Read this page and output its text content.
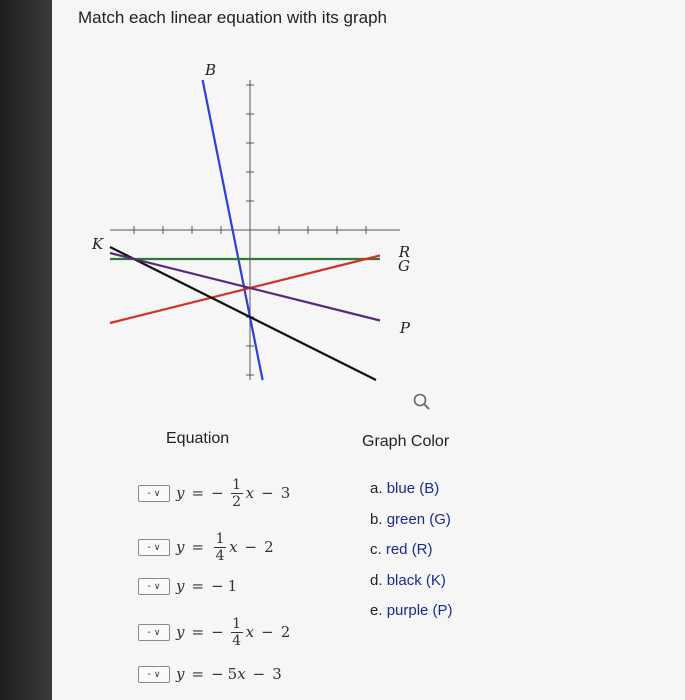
Match each linear equation with its graph
B
K	R
G
P
Equation	Graph Color
- ∨ y = − $\frac{1}{2}$ x − 3
- ∨ $y = \frac{1}{4}$ x − 2
- ∨ y = − 1
- ∨ y = − $\frac{1}{4}$ x − 2
- ∨ y = − 5 x − 3
a. blue (B)
b. green (G)
c. red (R)
d. black (K)
e. purple (P)
